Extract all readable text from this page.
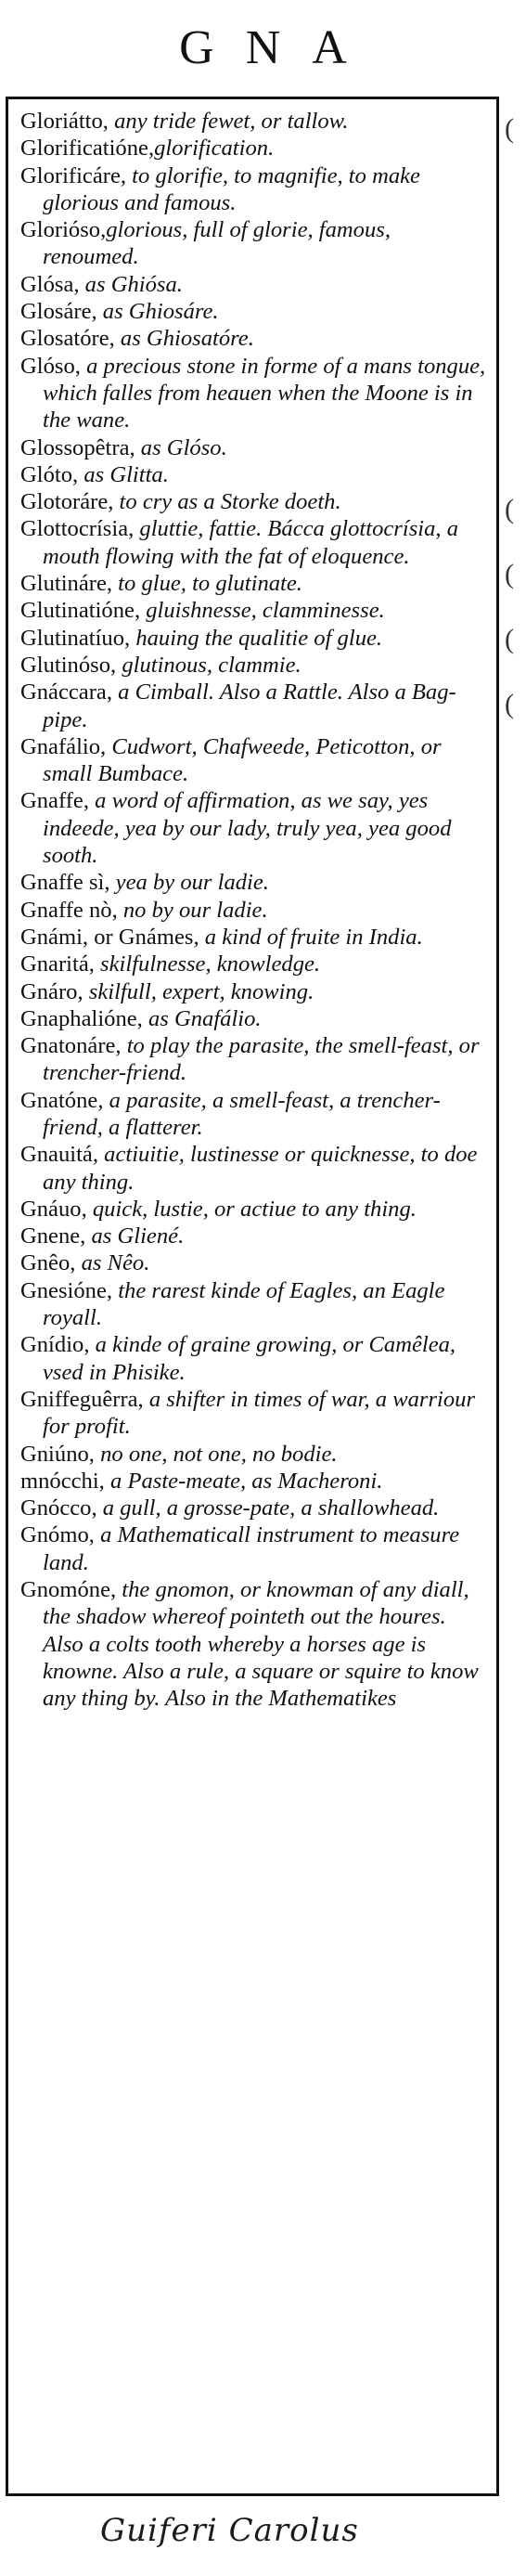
GNA
(
(
(
(
(

Gloriátto, any tride fewet, or tallow.

Glorificatióne,glorification.

Glorificáre, to glorifie, to magnifie, to make glorious and famous.

Glorióso,glorious, full of glorie, famous, renoumed.

Glósa, as Ghiósa.

Glosáre, as Ghiosáre.

Glosatóre, as Ghiosatóre.

Glóso, a precious stone in forme of a mans tongue, which falles from heauen when the Moone is in the wane.

Glossopêtra, as Glóso.

Glóto, as Glitta.

Glotoráre, to cry as a Storke doeth.

Glottocrísia, gluttie, fattie. Bácca glottocrísia, a mouth flowing with the fat of eloquence.

Glutináre, to glue, to glutinate.

Glutinatióne, gluishnesse, clamminesse.

Glutinatíuo, hauing the qualitie of glue.

Glutinóso, glutinous, clammie.

Gnáccara, a Cimball. Also a Rattle. Also a Bag-pipe.

Gnafálio, Cudwort, Chafweede, Peticotton, or small Bumbace.

Gnaffe, a word of affirmation, as we say, yes indeede, yea by our lady, truly yea, yea good sooth.

Gnaffe sì, yea by our ladie.

Gnaffe nò, no by our ladie.

Gnámi, or Gnámes, a kind of fruite in India.

Gnaritá, skilfulnesse, knowledge.

Gnáro, skilfull, expert, knowing.

Gnaphalióne, as Gnafálio.

Gnatonáre, to play the parasite, the smell-feast, or trencher-friend.

Gnatóne, a parasite, a smell-feast, a trencher-friend, a flatterer.

Gnauitá, actiuitie, lustinesse or quicknesse, to doe any thing.

Gnáuo, quick, lustie, or actiue to any thing.

Gnene, as Gliené.

Gnêo, as Nêo.

Gnesióne, the rarest kinde of Eagles, an Eagle royall.

Gnídio, a kinde of graine growing, or Camêlea, vsed in Phisike.

Gniffeguêrra, a shifter in times of war, a warriour for profit.

Gniúno, no one, not one, no bodie.

mnócchi, a Paste-meate, as Macheroni.

Gnócco, a gull, a grosse-pate, a shallowhead.

Gnómo, a Mathematicall instrument to measure land.

Gnomóne, the gnomon, or knowman of any diall, the shadow whereof pointeth out the houres. Also a colts tooth whereby a horses age is knowne. Also a rule, a square or squire to know any thing by. Also in the Mathematikes

Guiferi Carolus
